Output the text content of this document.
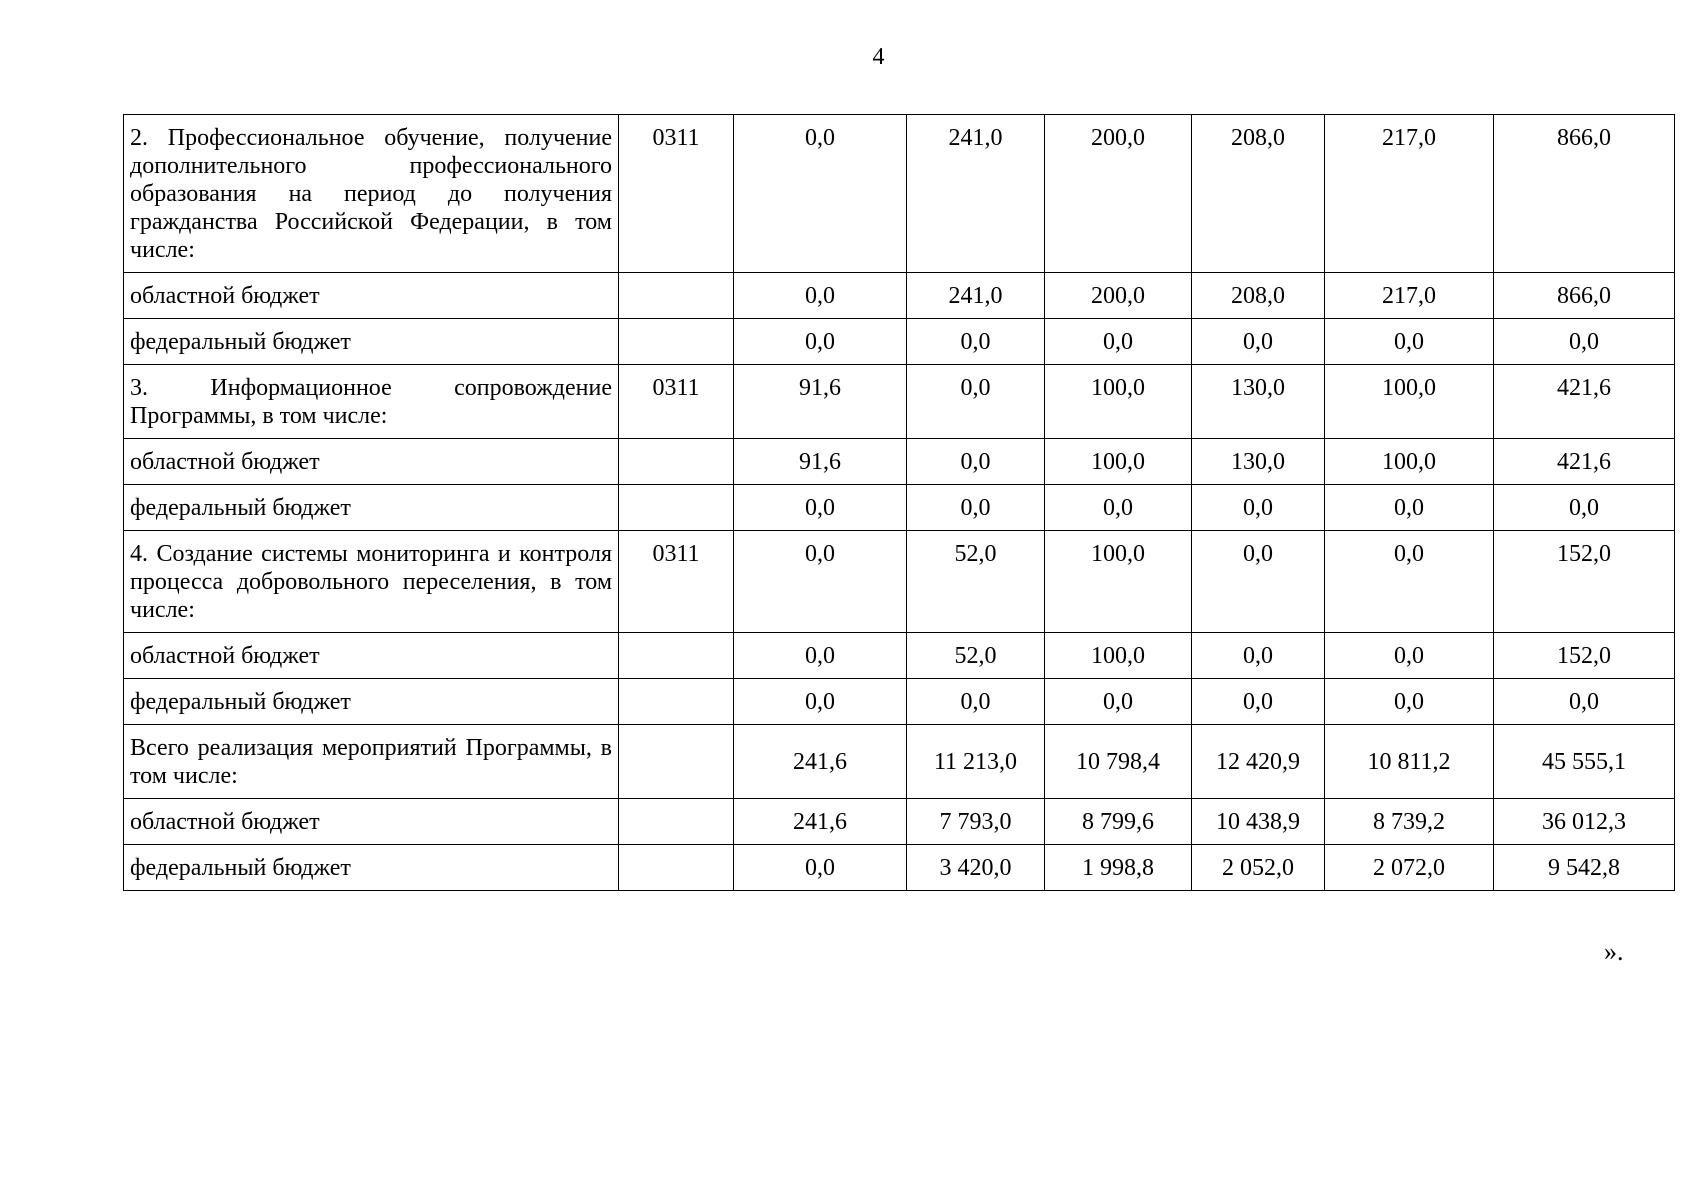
4
2. Профессиональное обучение, получение дополнительного профессионального образования на период до получения гражданства Российской Федерации, в том числе:	0311	0,0	241,0	200,0	208,0	217,0	866,0
областной бюджет		0,0	241,0	200,0	208,0	217,0	866,0
федеральный бюджет		0,0	0,0	0,0	0,0	0,0	0,0
3. Информационное сопровождение Программы, в том числе:	0311	91,6	0,0	100,0	130,0	100,0	421,6
областной бюджет		91,6	0,0	100,0	130,0	100,0	421,6
федеральный бюджет		0,0	0,0	0,0	0,0	0,0	0,0
4. Создание системы мониторинга и контроля процесса добровольного переселения, в том числе:	0311	0,0	52,0	100,0	0,0	0,0	152,0
областной бюджет		0,0	52,0	100,0	0,0	0,0	152,0
федеральный бюджет		0,0	0,0	0,0	0,0	0,0	0,0
Всего реализация мероприятий Программы, в том числе:		241,6	11 213,0	10 798,4	12 420,9	10 811,2	45 555,1
областной бюджет		241,6	7 793,0	8 799,6	10 438,9	8 739,2	36 012,3
федеральный бюджет		0,0	3 420,0	1 998,8	2 052,0	2 072,0	9 542,8
».
